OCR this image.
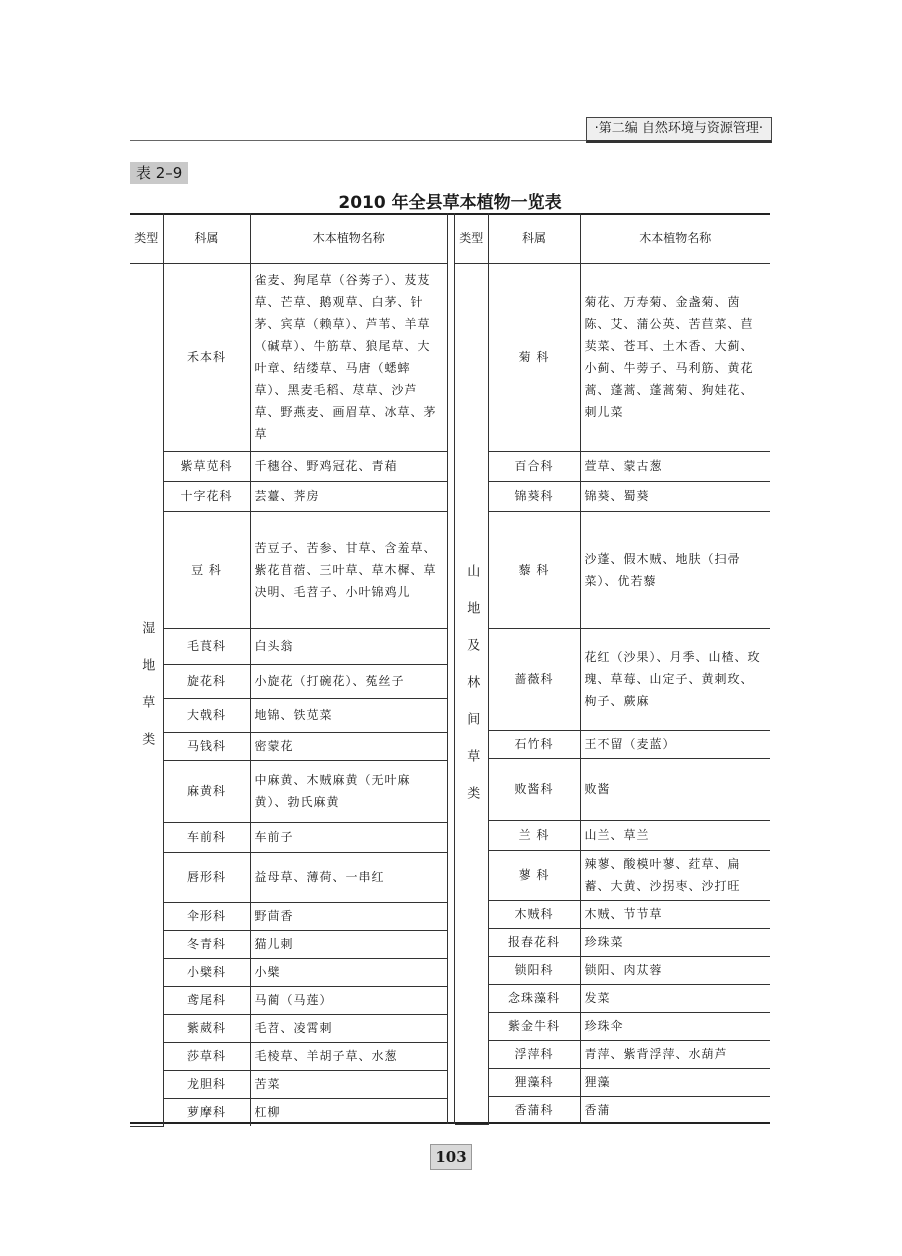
·第二编 自然环境与资源管理·
表 2–9
2010 年全县草本植物一览表
类型	科属	木本植物名称

湿地草类	禾本科	雀麦、狗尾草（谷莠子）、芨芨草、芒草、鹅观草、白茅、针茅、宾草（赖草）、芦苇、羊草（碱草）、牛筋草、狼尾草、大叶章、结缕草、马唐（蟋蟀草）、黑麦毛稻、荩草、沙芦草、野燕麦、画眉草、冰草、茅草
	紫草苋科	千穗谷、野鸡冠花、青葙
	十字花科	芸薹、荠房
	豆 科	苦豆子、苦参、甘草、含羞草、紫花苜蓿、三叶草、草木樨、草决明、毛苕子、小叶锦鸡儿
	毛茛科	白头翁
	旋花科	小旋花（打碗花）、菟丝子
	大戟科	地锦、铁苋菜
	马钱科	密蒙花
	麻黄科	中麻黄、木贼麻黄（无叶麻黄）、勃氏麻黄
	车前科	车前子
	唇形科	益母草、薄荷、一串红
	伞形科	野茴香
	冬青科	猫儿刺
	小檗科	小檗
	鸢尾科	马蔺（马莲）
	紫葳科	毛苕、凌霄刺
	莎草科	毛棱草、羊胡子草、水葱
	龙胆科	苦菜
	萝摩科	杠柳
类型	科属	木本植物名称

山地及林间草类	菊 科	菊花、万寿菊、金盏菊、茵陈、艾、蒲公英、苦苣菜、苣荬菜、苍耳、土木香、大蓟、小蓟、牛蒡子、马利筋、黄花蒿、蓬蒿、蓬蒿菊、狗娃花、刺儿菜
	百合科	萱草、蒙古葱
	锦葵科	锦葵、蜀葵
	藜 科	沙蓬、假木贼、地肤（扫帚菜）、优若藜
	蔷薇科	花红（沙果）、月季、山楂、玫瑰、草莓、山定子、黄刺玫、枸子、蕨麻
	石竹科	王不留（麦蓝）
	败酱科	败酱
	兰 科	山兰、草兰
	蓼 科	辣蓼、酸模叶蓼、荭草、扁蓄、大黄、沙拐枣、沙打旺
	木贼科	木贼、节节草
	报春花科	珍珠菜
	锁阳科	锁阳、肉苁蓉
	念珠藻科	发菜
	紫金牛科	珍珠伞
	浮萍科	青萍、紫背浮萍、水葫芦
	狸藻科	狸藻
	香蒲科	香蒲
103
